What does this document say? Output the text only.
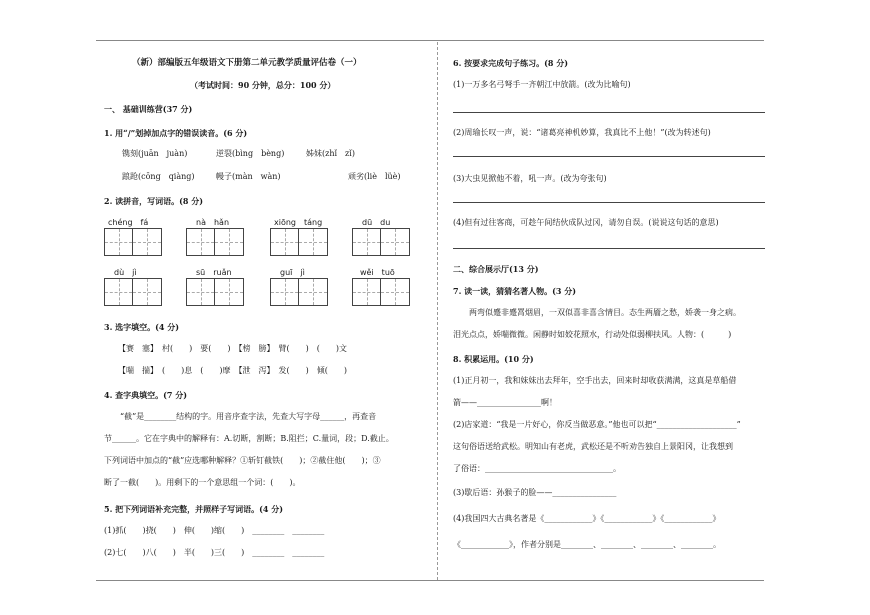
（新）部编版五年级语文下册第二单元教学质量评估卷（一）
（考试时间：90 分钟，总分：100 分）
一、 基础训练营(37 分)
1. 用“/”划掉加点字的错误读音。(6 分)
镌刻(juān　juàn)	逆裂(bìng　bèng)	姊妹(zhǐ　zǐ)
踉跄(cōng　qiàng)	幔子(màn　wàn)	顽劣(liè　lüè)
2. 读拼音，写词语。(8 分)
chéng　fá	nà　hǎn	xiōng　táng	dū　du
dù　jì	sū　ruǎn	guī　jì	wěi　tuō
3. 选字填空。(4 分)
【赛　塞】　村(　　)　要(　　)　【榜　膀】　臂(　　)　(　　)文
【喘　揣】　(　　)息　(　　)摩　【泄　泻】　发(　　)　倾(　　)
4. 查字典填空。(7 分)
“截”是________结构的字。用音序查字法，先查大写字母______，再查音
节______。它在字典中的解释有：A.切断，割断；B.阻拦；C.量词，段；D.截止。
下列词语中加点的“截”应选哪种解释？①斩钉截铁(　　)；②截住他(　　)；③
断了一截(　　)。用剩下的一个意思组一个词：(　　)。
5. 把下列词语补充完整，并照样子写词语。(4 分)
(1)抓(　　)挠(　　)　伸(　　)缩(　　)　________　________
(2)七(　　)八(　　)　半(　　)三(　　)　________　________
6. 按要求完成句子练习。(8 分)
(1)一万多名弓弩手一齐朝江中放箭。(改为比喻句)
(2)周瑜长叹一声，说：“诸葛亮神机妙算，我真比不上他！”(改为转述句)
(3)大虫见掀他不着，吼一声。(改为夸张句)
(4)但有过往客商，可趁午间结伙成队过冈，请勿自误。(说说这句话的意思)
二、综合展示厅(13 分)
7. 读一读，猜猜名著人物。(3 分)
两弯似蹙非蹙罥烟眉，一双似喜非喜含情目。态生两靥之愁，娇袭一身之病。
泪光点点，娇喘微微。闲静时如姣花照水，行动处似弱柳扶风。人物：(　　　)
8. 积累运用。(10 分)
(1)正月初一，我和妹妹出去拜年，空手出去，回来时却收获满满，这真是草船借
箭——________________啊！
(2)店家道：“我是一片好心，你反当做恶意。”他也可以把“____________________”
这句俗语送给武松。明知山有老虎，武松还是不听劝告独自上景阳冈，让我想到
了俗语：________________________________。
(3)歇后语：孙猴子的脸——________________
(4)我国四大古典名著是《____________》《____________》《____________》
《____________》，作者分别是________、________、________、________。
